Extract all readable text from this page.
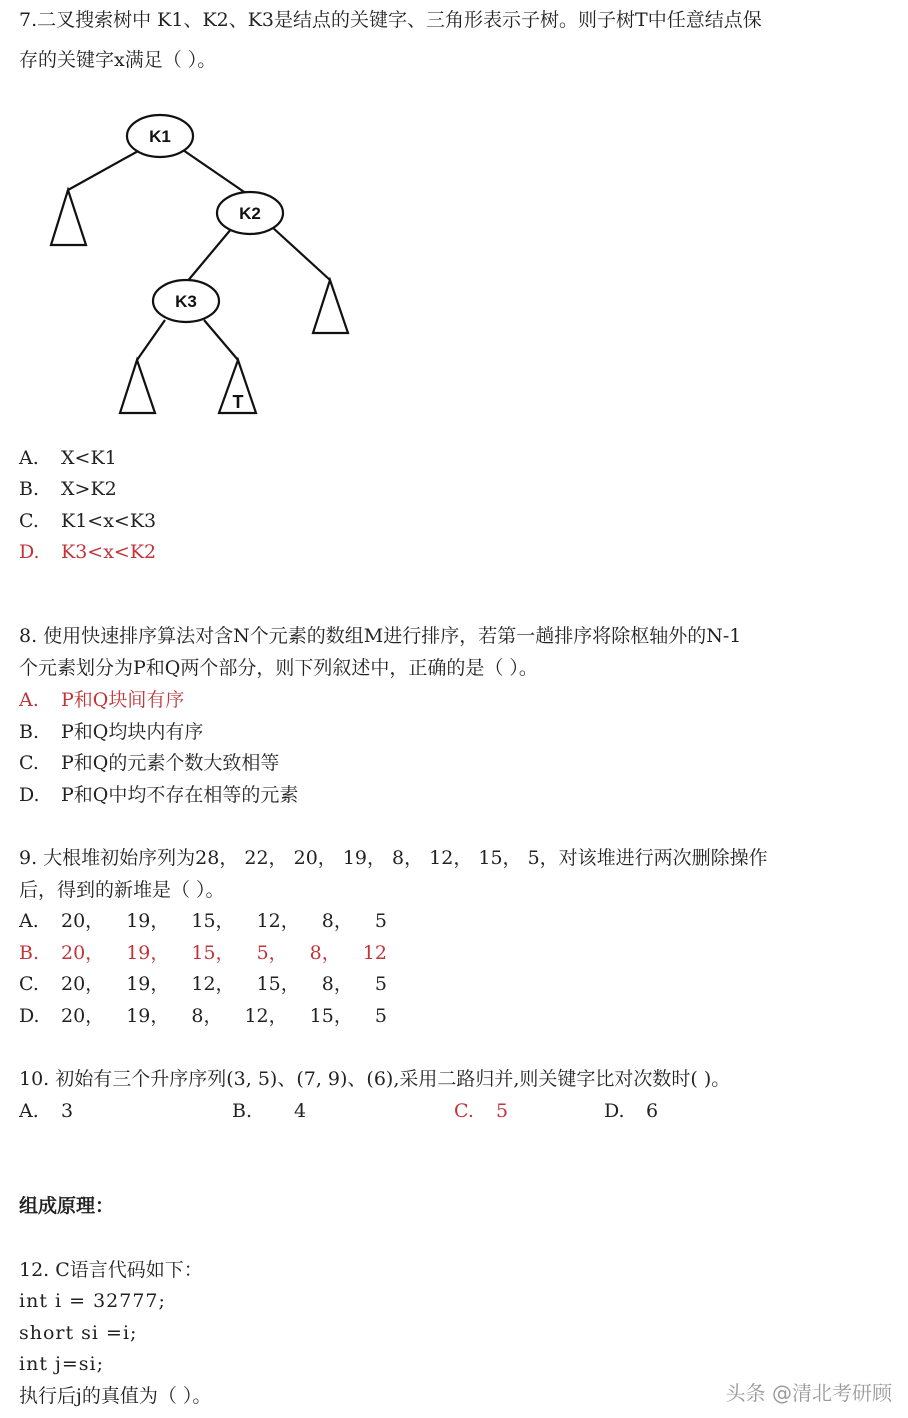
7.二叉搜索树中 K1、K2、K3是结点的关键字、三角形表示子树。则子树T中任意结点保
存的关键字x满足（ ）。
K1
K2
K3
T
A. X<K1
B. X>K2
C. K1<x<K3
D. K3<x<K2
8. 使用快速排序算法对含N个元素的数组M进行排序，若第一趟排序将除枢轴外的N-1
个元素划分为P和Q两个部分，则下列叙述中，正确的是（ ）。
A. P和Q块间有序
B. P和Q均块内有序
C. P和Q的元素个数大致相等
D. P和Q中均不存在相等的元素
9. 大根堆初始序列为28， 22， 20， 19， 8， 12， 15， 5，对该堆进行两次删除操作
后，得到的新堆是（ ）。
A. 20， 19， 15， 12， 8， 5
B. 20， 19， 15， 5， 8， 12
C. 20， 19， 12， 15， 8， 5
D. 20， 19， 8， 12， 15， 5
10. 初始有三个升序序列(3, 5)、(7, 9)、(6),采用二路归并,则关键字比对次数时( )。
A. 3	B. 4	C. 5	D. 6
组成原理：
12. C语言代码如下：
int i = 32777;
short si =i;
int j=si;
执行后j的真值为（ ）。	头条 @清北考研顾
